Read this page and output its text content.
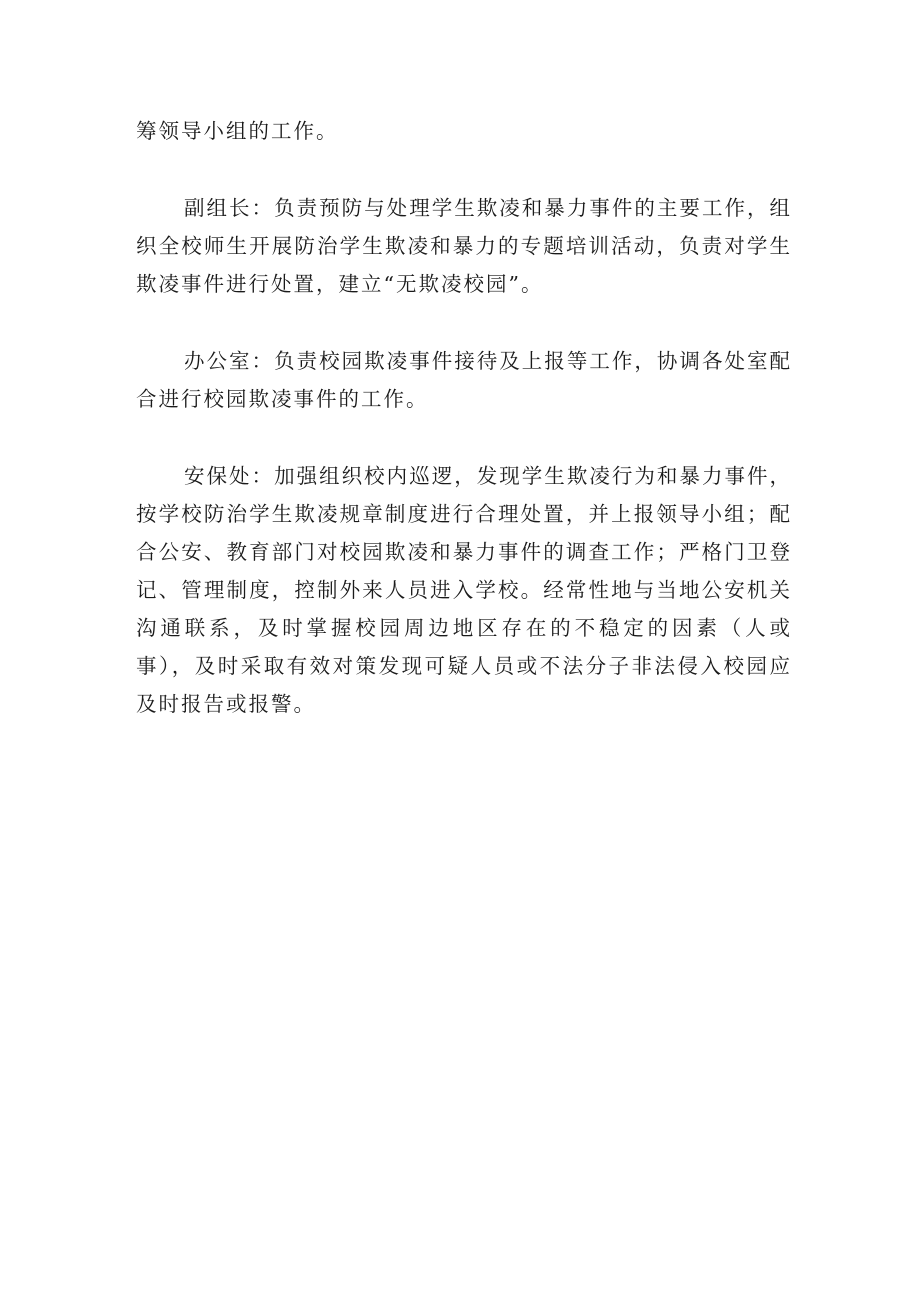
筹领导小组的工作。

副组长：负责预防与处理学生欺凌和暴力事件的主要工作，组织全校师生开展防治学生欺凌和暴力的专题培训活动，负责对学生欺凌事件进行处置，建立“无欺凌校园”。

办公室：负责校园欺凌事件接待及上报等工作，协调各处室配合进行校园欺凌事件的工作。

安保处：加强组织校内巡逻，发现学生欺凌行为和暴力事件，按学校防治学生欺凌规章制度进行合理处置，并上报领导小组；配合公安、教育部门对校园欺凌和暴力事件的调查工作；严格门卫登记、管理制度，控制外来人员进入学校。经常性地与当地公安机关沟通联系，及时掌握校园周边地区存在的不稳定的因素（人或事），及时采取有效对策发现可疑人员或不法分子非法侵入校园应及时报告或报警。
